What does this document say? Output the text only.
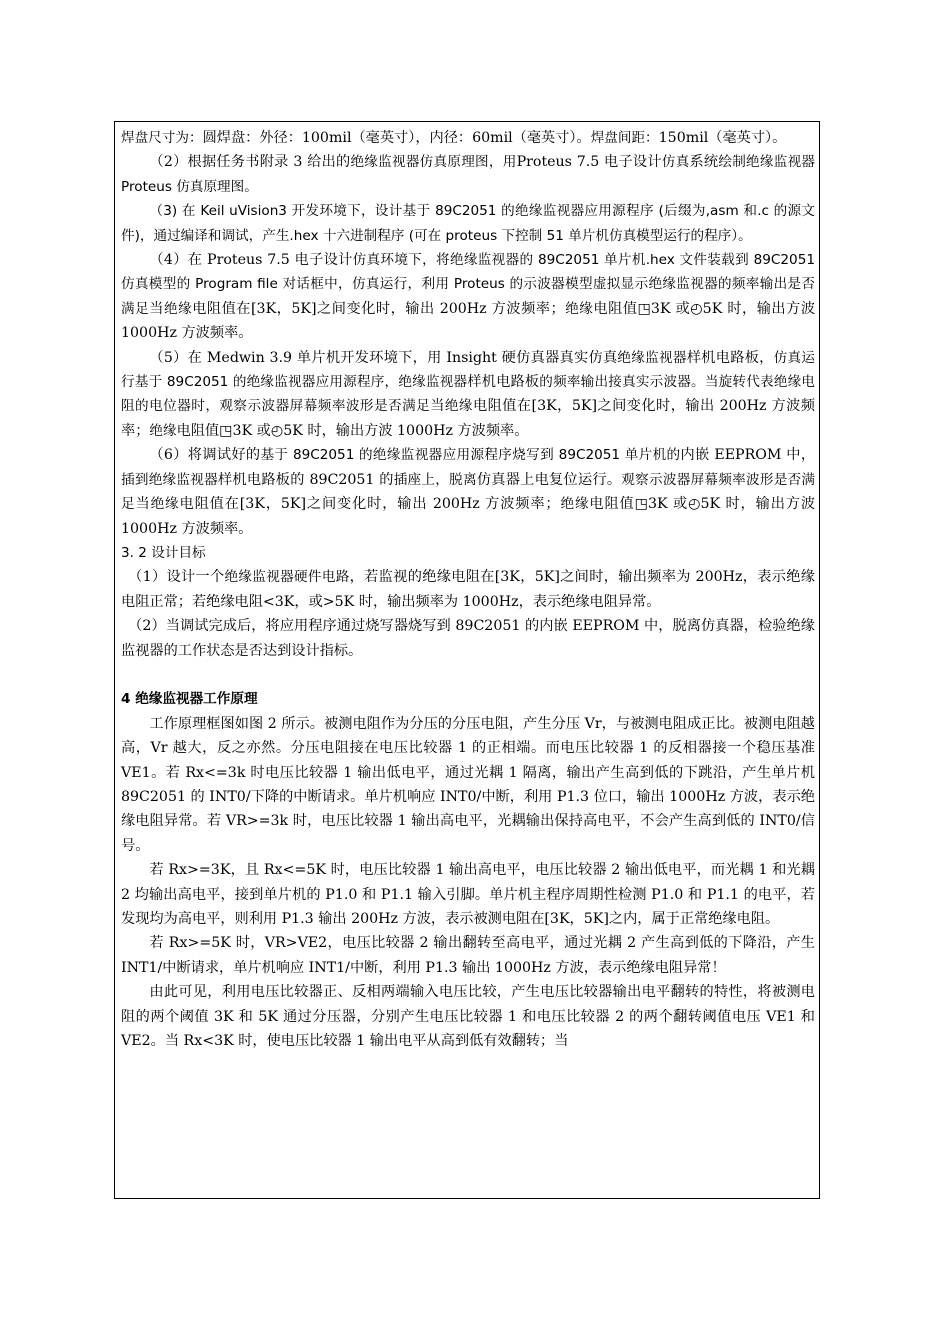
焊盘尺寸为：圆焊盘：外径：100mil（毫英寸），内径：60mil（毫英寸）。焊盘间距：150mil（毫英寸）。

（2）根据任务书附录 3 给出的绝缘监视器仿真原理图，用Proteus 7.5 电子设计仿真系统绘制绝缘监视器 Proteus 仿真原理图。

（3) 在 Keil uVision3 开发环境下，设计基于 89C2051 的绝缘监视器应用源程序 (后缀为,asm 和.c 的源文件)，通过编译和调试，产生.hex 十六进制程序 (可在 proteus 下控制 51 单片机仿真模型运行的程序）。

（4）在 Proteus 7.5 电子设计仿真环境下，将绝缘监视器的 89C2051 单片机.hex 文件装载到 89C2051 仿真模型的 Program file 对话框中，仿真运行，利用 Proteus 的示波器模型虚拟显示绝缘监视器的频率输出是否满足当绝缘电阻值在[3K，5K]之间变化时，输出 200Hz 方波频率；绝缘电阻值◳3K 或◴5K 时，输出方波 1000Hz 方波频率。

（5）在 Medwin 3.9 单片机开发环境下，用 Insight 硬仿真器真实仿真绝缘监视器样机电路板，仿真运行基于 89C2051 的绝缘监视器应用源程序，绝缘监视器样机电路板的频率输出接真实示波器。当旋转代表绝缘电阻的电位器时，观察示波器屏幕频率波形是否满足当绝缘电阻值在[3K，5K]之间变化时，输出 200Hz 方波频率；绝缘电阻值◳3K 或◴5K 时，输出方波 1000Hz 方波频率。

（6）将调试好的基于 89C2051 的绝缘监视器应用源程序烧写到 89C2051 单片机的内嵌 EEPROM 中，插到绝缘监视器样机电路板的 89C2051 的插座上，脱离仿真器上电复位运行。观察示波器屏幕频率波形是否满足当绝缘电阻值在[3K，5K]之间变化时，输出 200Hz 方波频率；绝缘电阻值◳3K 或◴5K 时，输出方波 1000Hz 方波频率。

3. 2 设计目标

（1）设计一个绝缘监视器硬件电路，若监视的绝缘电阻在[3K，5K]之间时，输出频率为 200Hz，表示绝缘电阻正常；若绝缘电阻<3K，或>5K 时，输出频率为 1000Hz，表示绝缘电阻异常。

（2）当调试完成后，将应用程序通过烧写器烧写到 89C2051 的内嵌 EEPROM 中，脱离仿真器，检验绝缘监视器的工作状态是否达到设计指标。

4 绝缘监视器工作原理

工作原理框图如图 2 所示。被测电阻作为分压的分压电阻，产生分压 Vr，与被测电阻成正比。被测电阻越高，Vr 越大，反之亦然。分压电阻接在电压比较器 1 的正相端。而电压比较器 1 的反相器接一个稳压基准 VE1。若 Rx<=3k 时电压比较器 1 输出低电平，通过光耦 1 隔离，输出产生高到低的下跳沿，产生单片机 89C2051 的 INT0/下降的中断请求。单片机响应 INT0/中断，利用 P1.3 位口，输出 1000Hz 方波，表示绝缘电阻异常。若 VR>=3k 时，电压比较器 1 输出高电平，光耦输出保持高电平，不会产生高到低的 INT0/信号。

若 Rx>=3K，且 Rx<=5K 时，电压比较器 1 输出高电平，电压比较器 2 输出低电平，而光耦 1 和光耦 2 均输出高电平，接到单片机的 P1.0 和 P1.1 输入引脚。单片机主程序周期性检测 P1.0 和 P1.1 的电平，若发现均为高电平，则利用 P1.3 输出 200Hz 方波，表示被测电阻在[3K，5K]之内，属于正常绝缘电阻。

若 Rx>=5K 时，VR>VE2，电压比较器 2 输出翻转至高电平，通过光耦 2 产生高到低的下降沿，产生 INT1/中断请求，单片机响应 INT1/中断，利用 P1.3 输出 1000Hz 方波，表示绝缘电阻异常！

由此可见，利用电压比较器正、反相两端输入电压比较，产生电压比较器输出电平翻转的特性，将被测电阻的两个阈值 3K 和 5K 通过分压器，分别产生电压比较器 1 和电压比较器 2 的两个翻转阈值电压 VE1 和 VE2。当 Rx<3K 时，使电压比较器 1 输出电平从高到低有效翻转；当
